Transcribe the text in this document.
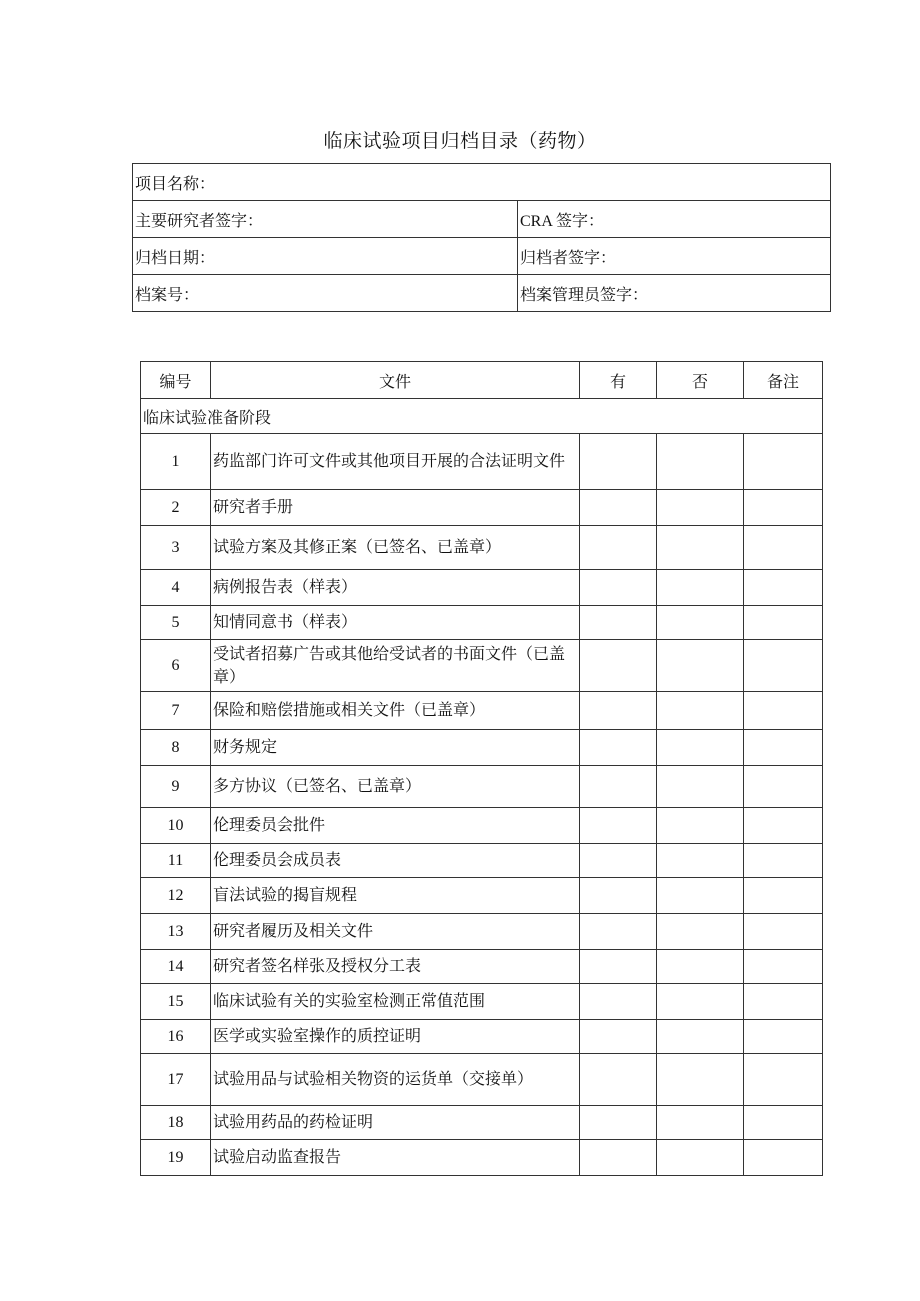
临床试验项目归档目录（药物）
项目名称：	
主要研究者签字：	CRA 签字：
归档日期：	归档者签字：
档案号：	档案管理员签字：
编号	文件	有	否	备注
临床试验准备阶段				
1	药监部门许可文件或其他项目开展的合法证明文件			
2	研究者手册			
3	试验方案及其修正案（已签名、已盖章）			
4	病例报告表（样表）			
5	知情同意书（样表）			
6	受试者招募广告或其他给受试者的书面文件（已盖章）			
7	保险和赔偿措施或相关文件（已盖章）			
8	财务规定			
9	多方协议（已签名、已盖章）			
10	伦理委员会批件			
11	伦理委员会成员表			
12	盲法试验的揭盲规程			
13	研究者履历及相关文件			
14	研究者签名样张及授权分工表			
15	临床试验有关的实验室检测正常值范围			
16	医学或实验室操作的质控证明			
17	试验用品与试验相关物资的运货单（交接单）			
18	试验用药品的药检证明			
19	试验启动监查报告			
